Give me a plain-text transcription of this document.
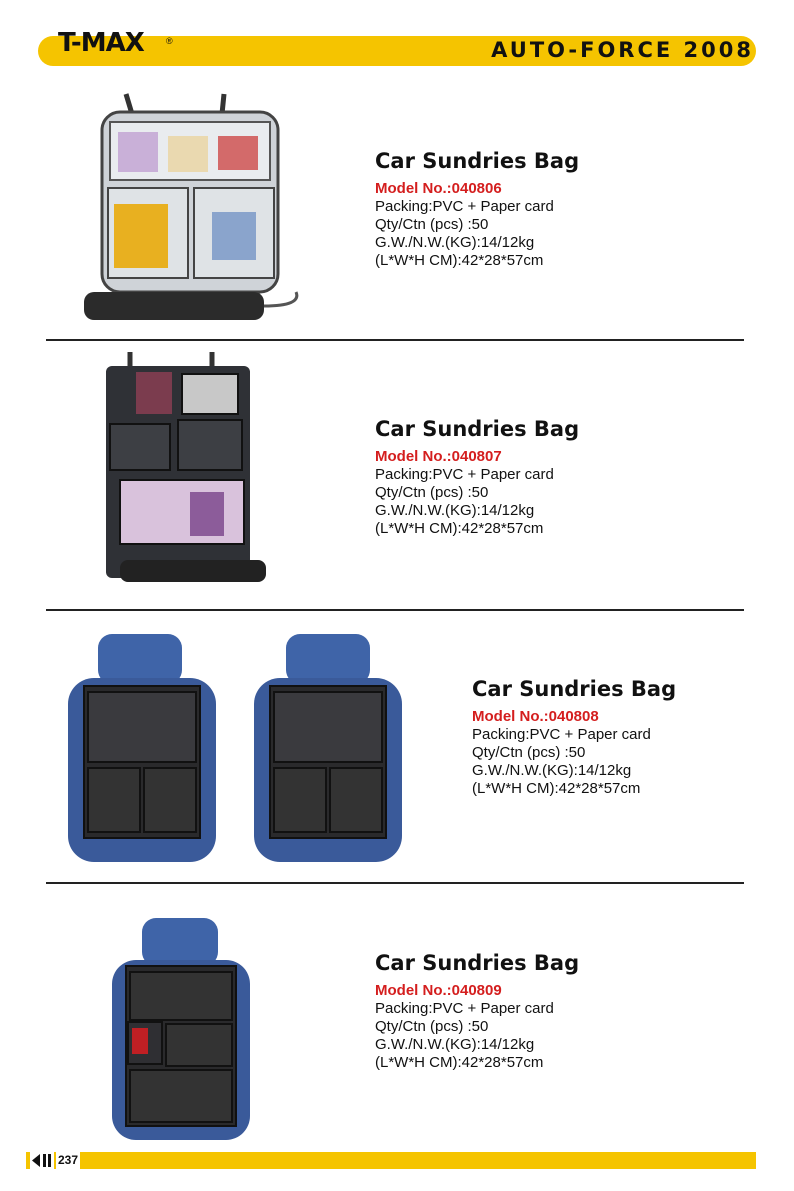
T-MAX ®	AUTO-FORCE 2008
Car Sundries Bag
Model No.:040806
Packing:PVC + Paper card
Qty/Ctn (pcs) :50
G.W./N.W.(KG):14/12kg
(L*W*H CM):42*28*57cm
Car Sundries Bag
Model No.:040807
Packing:PVC + Paper card
Qty/Ctn (pcs) :50
G.W./N.W.(KG):14/12kg
(L*W*H CM):42*28*57cm
Car Sundries Bag
Model No.:040808
Packing:PVC + Paper card
Qty/Ctn (pcs) :50
G.W./N.W.(KG):14/12kg
(L*W*H CM):42*28*57cm
Car Sundries Bag
Model No.:040809
Packing:PVC + Paper card
Qty/Ctn (pcs) :50
G.W./N.W.(KG):14/12kg
(L*W*H CM):42*28*57cm
237
